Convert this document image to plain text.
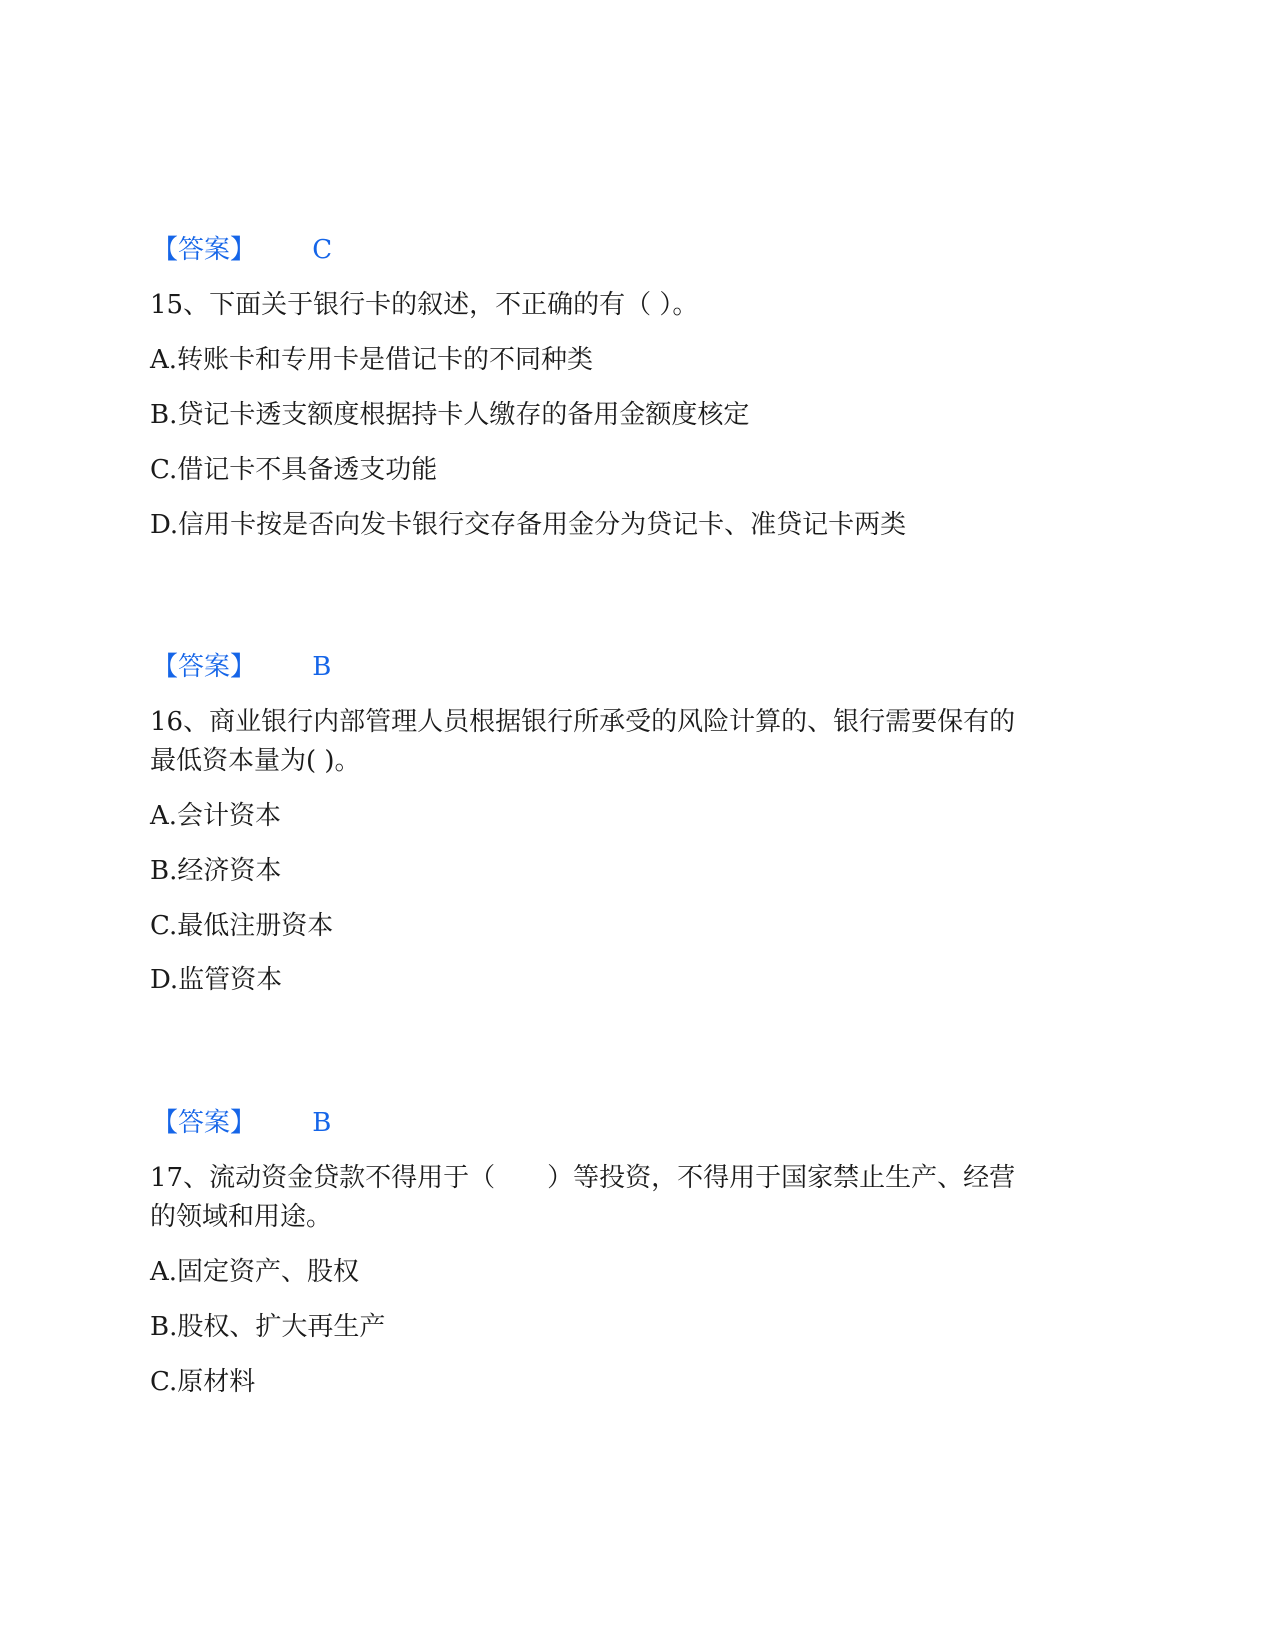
【答案】 C
15、下面关于银行卡的叙述，不正确的有（ ）。
A.转账卡和专用卡是借记卡的不同种类
B.贷记卡透支额度根据持卡人缴存的备用金额度核定
C.借记卡不具备透支功能
D.信用卡按是否向发卡银行交存备用金分为贷记卡、准贷记卡两类
【答案】 B
16、商业银行内部管理人员根据银行所承受的风险计算的、银行需要保有的
最低资本量为( )。
A.会计资本
B.经济资本
C.最低注册资本
D.监管资本
【答案】 B
17、流动资金贷款不得用于（　　）等投资，不得用于国家禁止生产、经营
的领域和用途。
A.固定资产、股权
B.股权、扩大再生产
C.原材料
